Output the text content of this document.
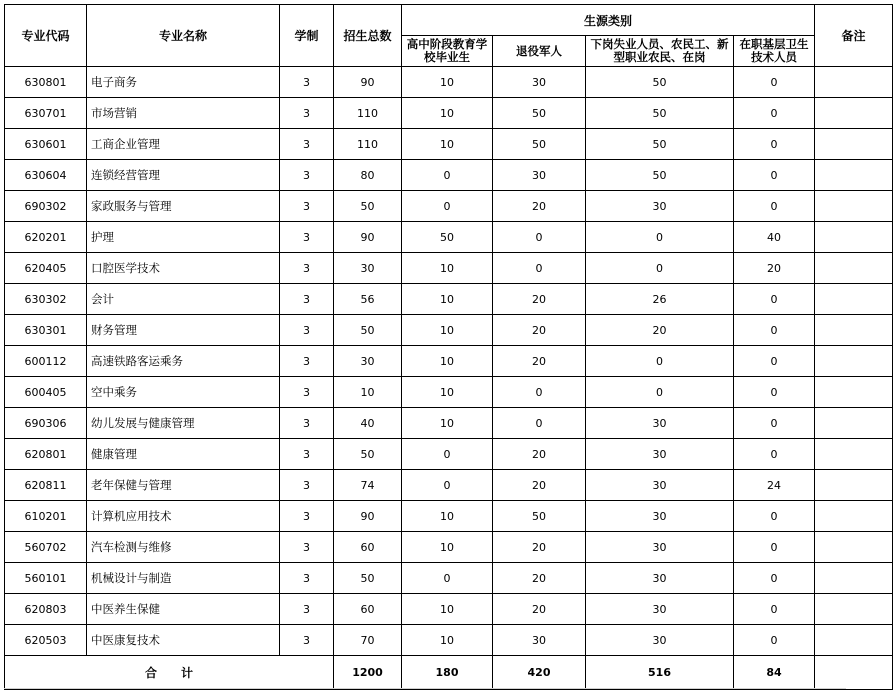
专业代码	专业名称	学制	招生总数	生源类别				备注
				高中阶段教育学校毕业生	退役军人	下岗失业人员、农民工、新型职业农民、在岗	在职基层卫生技术人员	
630801	电子商务	3	90	10	30	50	0	
630701	市场营销	3	110	10	50	50	0	
630601	工商企业管理	3	110	10	50	50	0	
630604	连锁经营管理	3	80	0	30	50	0	
690302	家政服务与管理	3	50	0	20	30	0	
620201	护理	3	90	50	0	0	40	
620405	口腔医学技术	3	30	10	0	0	20	
630302	会计	3	56	10	20	26	0	
630301	财务管理	3	50	10	20	20	0	
600112	高速铁路客运乘务	3	30	10	20	0	0	
600405	空中乘务	3	10	10	0	0	0	
690306	幼儿发展与健康管理	3	40	10	0	30	0	
620801	健康管理	3	50	0	20	30	0	
620811	老年保健与管理	3	74	0	20	30	24	
610201	计算机应用技术	3	90	10	50	30	0	
560702	汽车检测与维修	3	60	10	20	30	0	
560101	机械设计与制造	3	50	0	20	30	0	
620803	中医养生保健	3	60	10	20	30	0	
620503	中医康复技术	3	70	10	30	30	0	
合计			1200	180	420	516	84	
